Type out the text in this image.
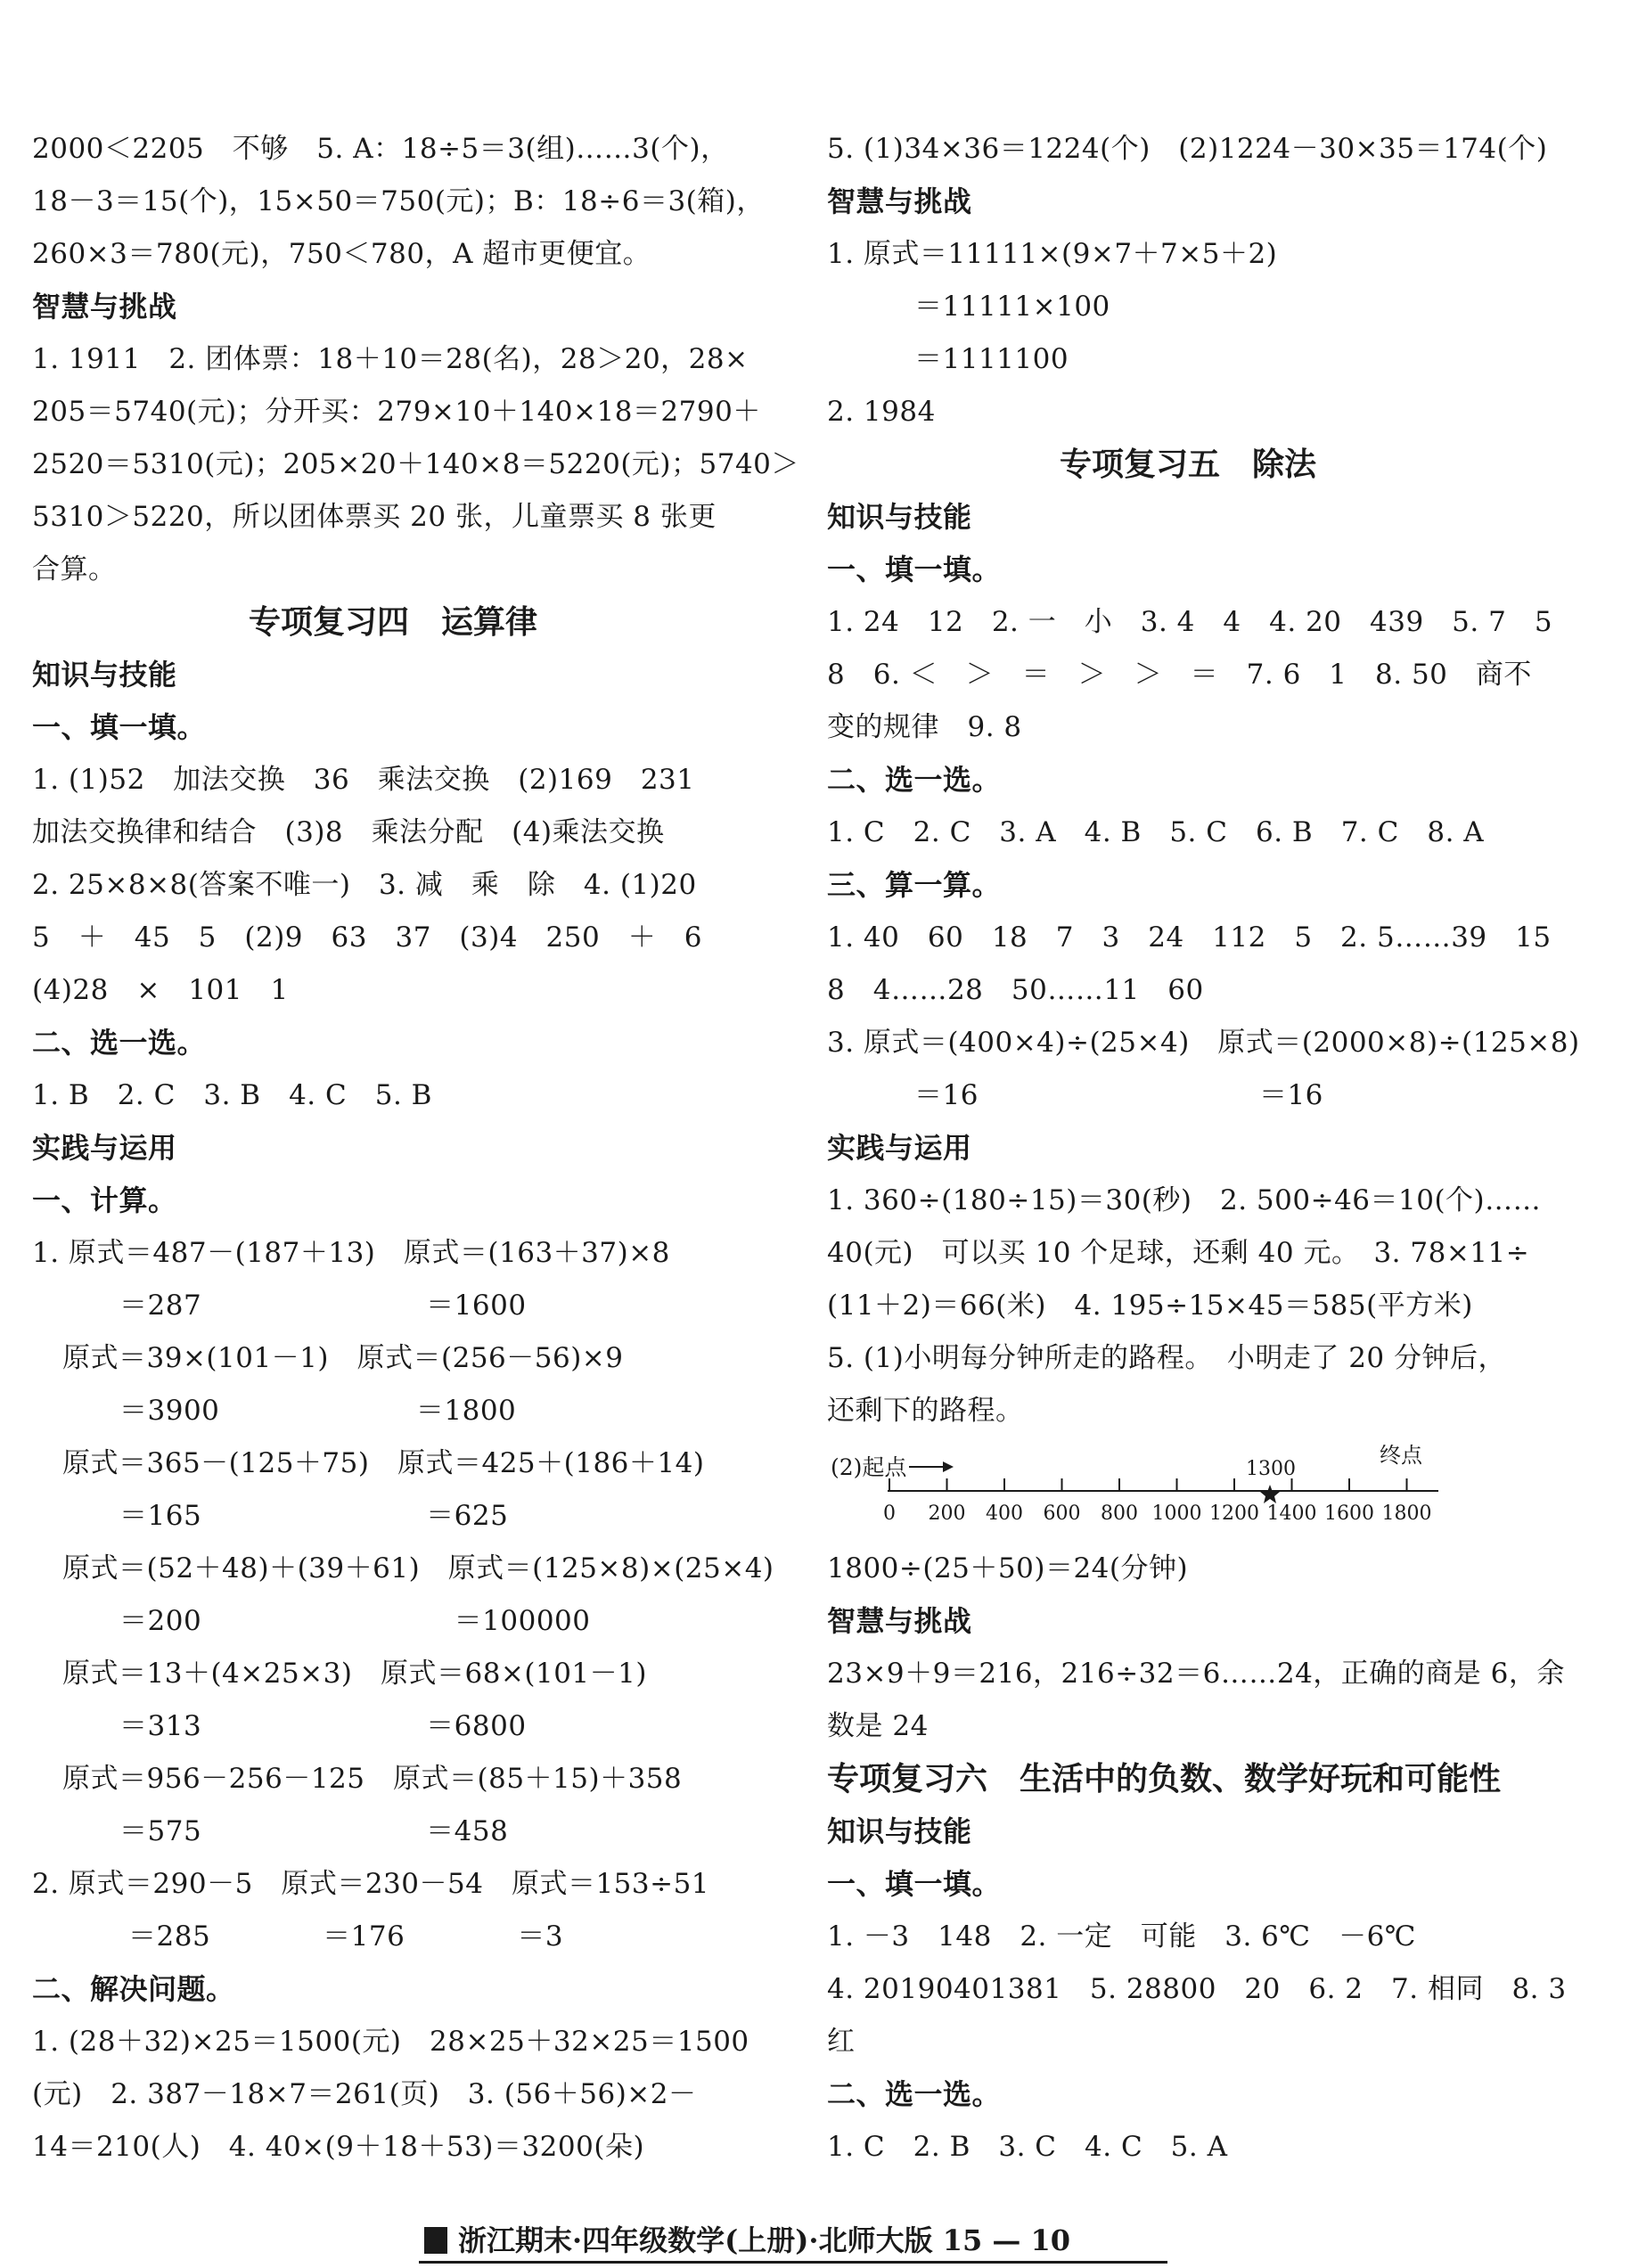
2000＜2205　不够　5. A：18÷5＝3(组)……3(个)，
18－3＝15(个)，15×50＝750(元)；B：18÷6＝3(箱)，
260×3＝780(元)，750＜780，A 超市更便宜。
智慧与挑战
1. 1911　2. 团体票：18＋10＝28(名)，28＞20，28×
205＝5740(元)；分开买：279×10＋140×18＝2790＋
2520＝5310(元)；205×20＋140×8＝5220(元)；5740＞
5310＞5220，所以团体票买 20 张，儿童票买 8 张更
合算。
专项复习四　运算律
知识与技能
一、填一填。
1. (1)52　加法交换　36　乘法交换　(2)169　231
加法交换律和结合　(3)8　乘法分配　(4)乘法交换
2. 25×8×8(答案不唯一)　3. 减　乘　除　4. (1)20
5　＋　45　5　(2)9　63　37　(3)4　250　＋　6
(4)28　×　101　1
二、选一选。
1. B　2. C　3. B　4. C　5. B
实践与运用
一、计算。
1. 原式＝487－(187＋13)　原式＝(163＋37)×8
＝287　　　　　　　　＝1600
原式＝39×(101－1)　原式＝(256－56)×9
＝3900　　　　　　　＝1800
原式＝365－(125＋75)　原式＝425＋(186＋14)
＝165　　　　　　　　＝625
原式＝(52＋48)＋(39＋61)　原式＝(125×8)×(25×4)
＝200　　　　　　　　　＝100000
原式＝13＋(4×25×3)　原式＝68×(101－1)
＝313　　　　　　　　＝6800
原式＝956－256－125　原式＝(85＋15)＋358
＝575　　　　　　　　＝458
2. 原式＝290－5　原式＝230－54　原式＝153÷51
＝285　　　　＝176　　　　＝3
二、解决问题。
1. (28＋32)×25＝1500(元)　28×25＋32×25＝1500
(元)　2. 387－18×7＝261(页)　3. (56＋56)×2－
14＝210(人)　4. 40×(9＋18＋53)＝3200(朵)
5. (1)34×36＝1224(个)　(2)1224－30×35＝174(个)
智慧与挑战
1. 原式＝11111×(9×7＋7×5＋2)
＝11111×100
＝1111100
2. 1984
专项复习五　除法
知识与技能
一、填一填。
1. 24　12　2. 一　小　3. 4　4　4. 20　439　5. 7　5
8　6. ＜　＞　＝　＞　＞　＝　7. 6　1　8. 50　商不
变的规律　9. 8
二、选一选。
1. C　2. C　3. A　4. B　5. C　6. B　7. C　8. A
三、算一算。
1. 40　60　18　7　3　24　112　5　2. 5……39　15
8　4……28　50……11　60
3. 原式＝(400×4)÷(25×4)　原式＝(2000×8)÷(125×8)
＝16　　　　　　　　　　＝16
实践与运用
1. 360÷(180÷15)＝30(秒)　2. 500÷46＝10(个)……
40(元)　可以买 10 个足球，还剩 40 元。　3. 78×11÷
(11＋2)＝66(米)　4. 195÷15×45＝585(平方米)
5. (1)小明每分钟所走的路程。　小明走了 20 分钟后，
还剩下的路程。
(2)起点
0 200 400 600 800 1000 1200 1400 1600 1800
终点
1300
1800÷(25＋50)＝24(分钟)
智慧与挑战
23×9＋9＝216，216÷32＝6……24，正确的商是 6，余
数是 24
专项复习六　生活中的负数、数学好玩和可能性
知识与技能
一、填一填。
1. －3　148　2. 一定　可能　3. 6℃　－6℃
4. 20190401381　5. 28800　20　6. 2　7. 相同　8. 3
红
二、选一选。
1. C　2. B　3. C　4. C　5. A
浙江期末·四年级数学(上册)·北师大版 15 — 10
